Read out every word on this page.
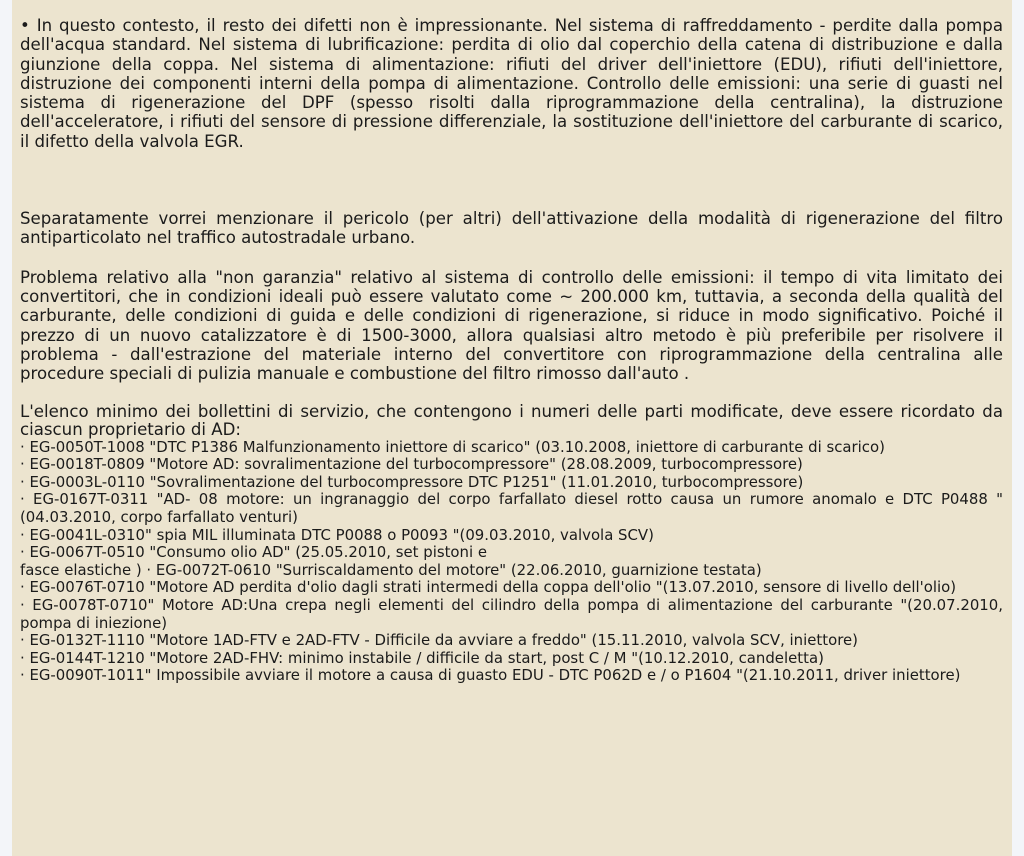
• In questo contesto, il resto dei difetti non è impressionante. Nel sistema di raffreddamento - perdite dalla pompa dell'acqua standard. Nel sistema di lubrificazione: perdita di olio dal coperchio della catena di distribuzione e dalla giunzione della coppa. Nel sistema di alimentazione: rifiuti del driver dell'iniettore (EDU), rifiuti dell'iniettore, distruzione dei componenti interni della pompa di alimentazione. Controllo delle emissioni: una serie di guasti nel sistema di rigenerazione del DPF (spesso risolti dalla riprogrammazione della centralina), la distruzione dell'acceleratore, i rifiuti del sensore di pressione differenziale, la sostituzione dell'iniettore del carburante di scarico, il difetto della valvola EGR.

Separatamente vorrei menzionare il pericolo (per altri) dell'attivazione della modalità di rigenerazione del filtro antiparticolato nel traffico autostradale urbano.

Problema relativo alla "non garanzia" relativo al sistema di controllo delle emissioni: il tempo di vita limitato dei convertitori, che in condizioni ideali può essere valutato come ~ 200.000 km, tuttavia, a seconda della qualità del carburante, delle condizioni di guida e delle condizioni di rigenerazione, si riduce in modo significativo. Poiché il prezzo di un nuovo catalizzatore è di 1500-3000, allora qualsiasi altro metodo è più preferibile per risolvere il problema - dall'estrazione del materiale interno del convertitore con riprogrammazione della centralina alle procedure speciali di pulizia manuale e combustione del filtro rimosso dall'auto .

L'elenco minimo dei bollettini di servizio, che contengono i numeri delle parti modificate, deve essere ricordato da ciascun proprietario di AD:

· EG-0050T-1008 "DTC P1386 Malfunzionamento iniettore di scarico" (03.10.2008, iniettore di carburante di scarico)
· EG-0018T-0809 "Motore AD: sovralimentazione del turbocompressore" (28.08.2009, turbocompressore)
· EG-0003L-0110 "Sovralimentazione del turbocompressore DTC P1251" (11.01.2010, turbocompressore)
· EG-0167T-0311 "AD- 08 motore: un ingranaggio del corpo farfallato diesel rotto causa un rumore anomalo e DTC P0488 "(04.03.2010, corpo farfallato venturi)
· EG-0041L-0310" spia MIL illuminata DTC P0088 o P0093 "(09.03.2010, valvola SCV)
· EG-0067T-0510 "Consumo olio AD" (25.05.2010, set pistoni e
fasce elastiche ) · EG-0072T-0610 "Surriscaldamento del motore" (22.06.2010, guarnizione testata)
· EG-0076T-0710 "Motore AD perdita d'olio dagli strati intermedi della coppa dell'olio "(13.07.2010, sensore di livello dell'olio)
· EG-0078T-0710" Motore AD:Una crepa negli elementi del cilindro della pompa di alimentazione del carburante "(20.07.2010, pompa di iniezione)
· EG-0132T-1110 "Motore 1AD-FTV e 2AD-FTV - Difficile da avviare a freddo" (15.11.2010, valvola SCV, iniettore)
· EG-0144T-1210 "Motore 2AD-FHV: minimo instabile / difficile da start, post C / M "(10.12.2010, candeletta)
· EG-0090T-1011" Impossibile avviare il motore a causa di guasto EDU - DTC P062D e / o P1604 "(21.10.2011, driver iniettore)
